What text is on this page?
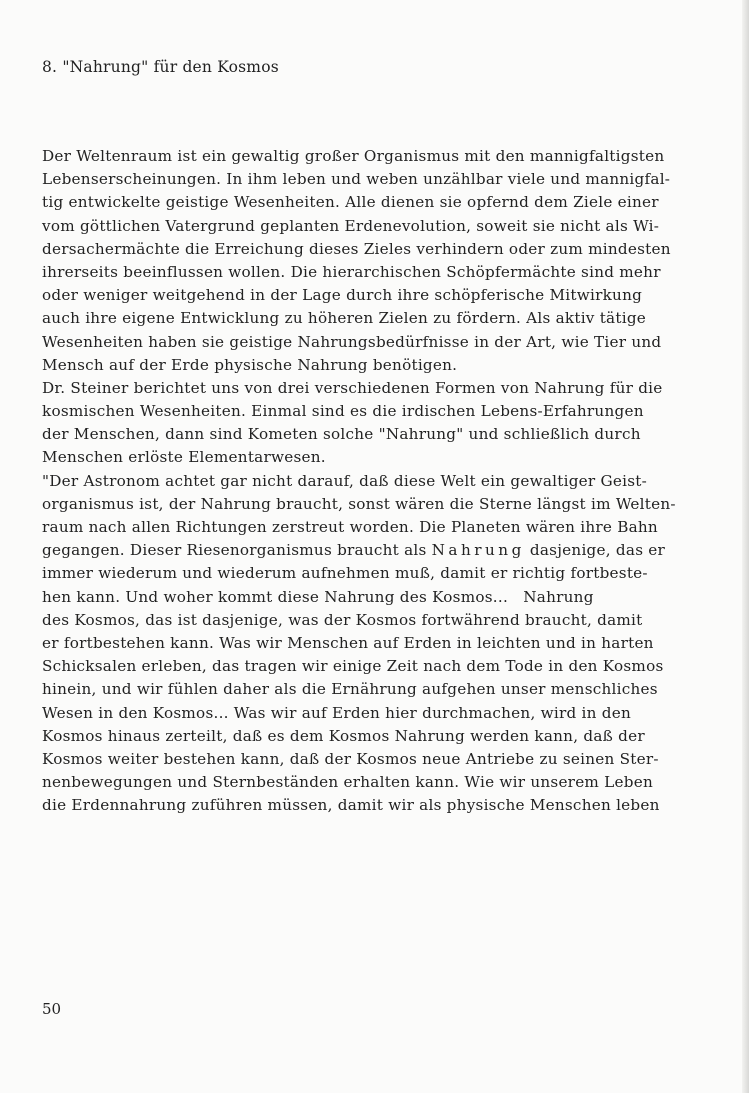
8. "Nahrung" für den Kosmos
Der Weltenraum ist ein gewaltig großer Organismus mit den mannigfaltigsten
Lebenserscheinungen. In ihm leben und weben unzählbar viele und mannigfal-
tig entwickelte geistige Wesenheiten. Alle dienen sie opfernd dem Ziele einer
vom göttlichen Vatergrund geplanten Erdenevolution, soweit sie nicht als Wi-
dersachermächte die Erreichung dieses Zieles verhindern oder zum mindesten
ihrerseits beeinflussen wollen. Die hierarchischen Schöpfermächte sind mehr
oder weniger weitgehend in der Lage durch ihre schöpferische Mitwirkung
auch ihre eigene Entwicklung zu höheren Zielen zu fördern. Als aktiv tätige
Wesenheiten haben sie geistige Nahrungsbedürfnisse in der Art, wie Tier und
Mensch auf der Erde physische Nahrung benötigen.
Dr. Steiner berichtet uns von drei verschiedenen Formen von Nahrung für die
kosmischen Wesenheiten. Einmal sind es die irdischen Lebens-Erfahrungen
der Menschen, dann sind Kometen solche "Nahrung" und schließlich durch
Menschen erlöste Elementarwesen.
"Der Astronom achtet gar nicht darauf, daß diese Welt ein gewaltiger Geist-
organismus ist, der Nahrung braucht, sonst wären die Sterne längst im Welten-
raum nach allen Richtungen zerstreut worden. Die Planeten wären ihre Bahn
gegangen. Dieser Riesenorganismus braucht als Nahrung dasjenige, das er
immer wiederum und wiederum aufnehmen muß, damit er richtig fortbeste-
hen kann. Und woher kommt diese Nahrung des Kosmos...   Nahrung
des Kosmos, das ist dasjenige, was der Kosmos fortwährend braucht, damit
er fortbestehen kann. Was wir Menschen auf Erden in leichten und in harten
Schicksalen erleben, das tragen wir einige Zeit nach dem Tode in den Kosmos
hinein, und wir fühlen daher als die Ernährung aufgehen unser menschliches
Wesen in den Kosmos... Was wir auf Erden hier durchmachen, wird in den
Kosmos hinaus zerteilt, daß es dem Kosmos Nahrung werden kann, daß der
Kosmos weiter bestehen kann, daß der Kosmos neue Antriebe zu seinen Ster-
nenbewegungen und Sternbeständen erhalten kann. Wie wir unserem Leben
die Erdennahrung zuführen müssen, damit wir als physische Menschen leben
50
